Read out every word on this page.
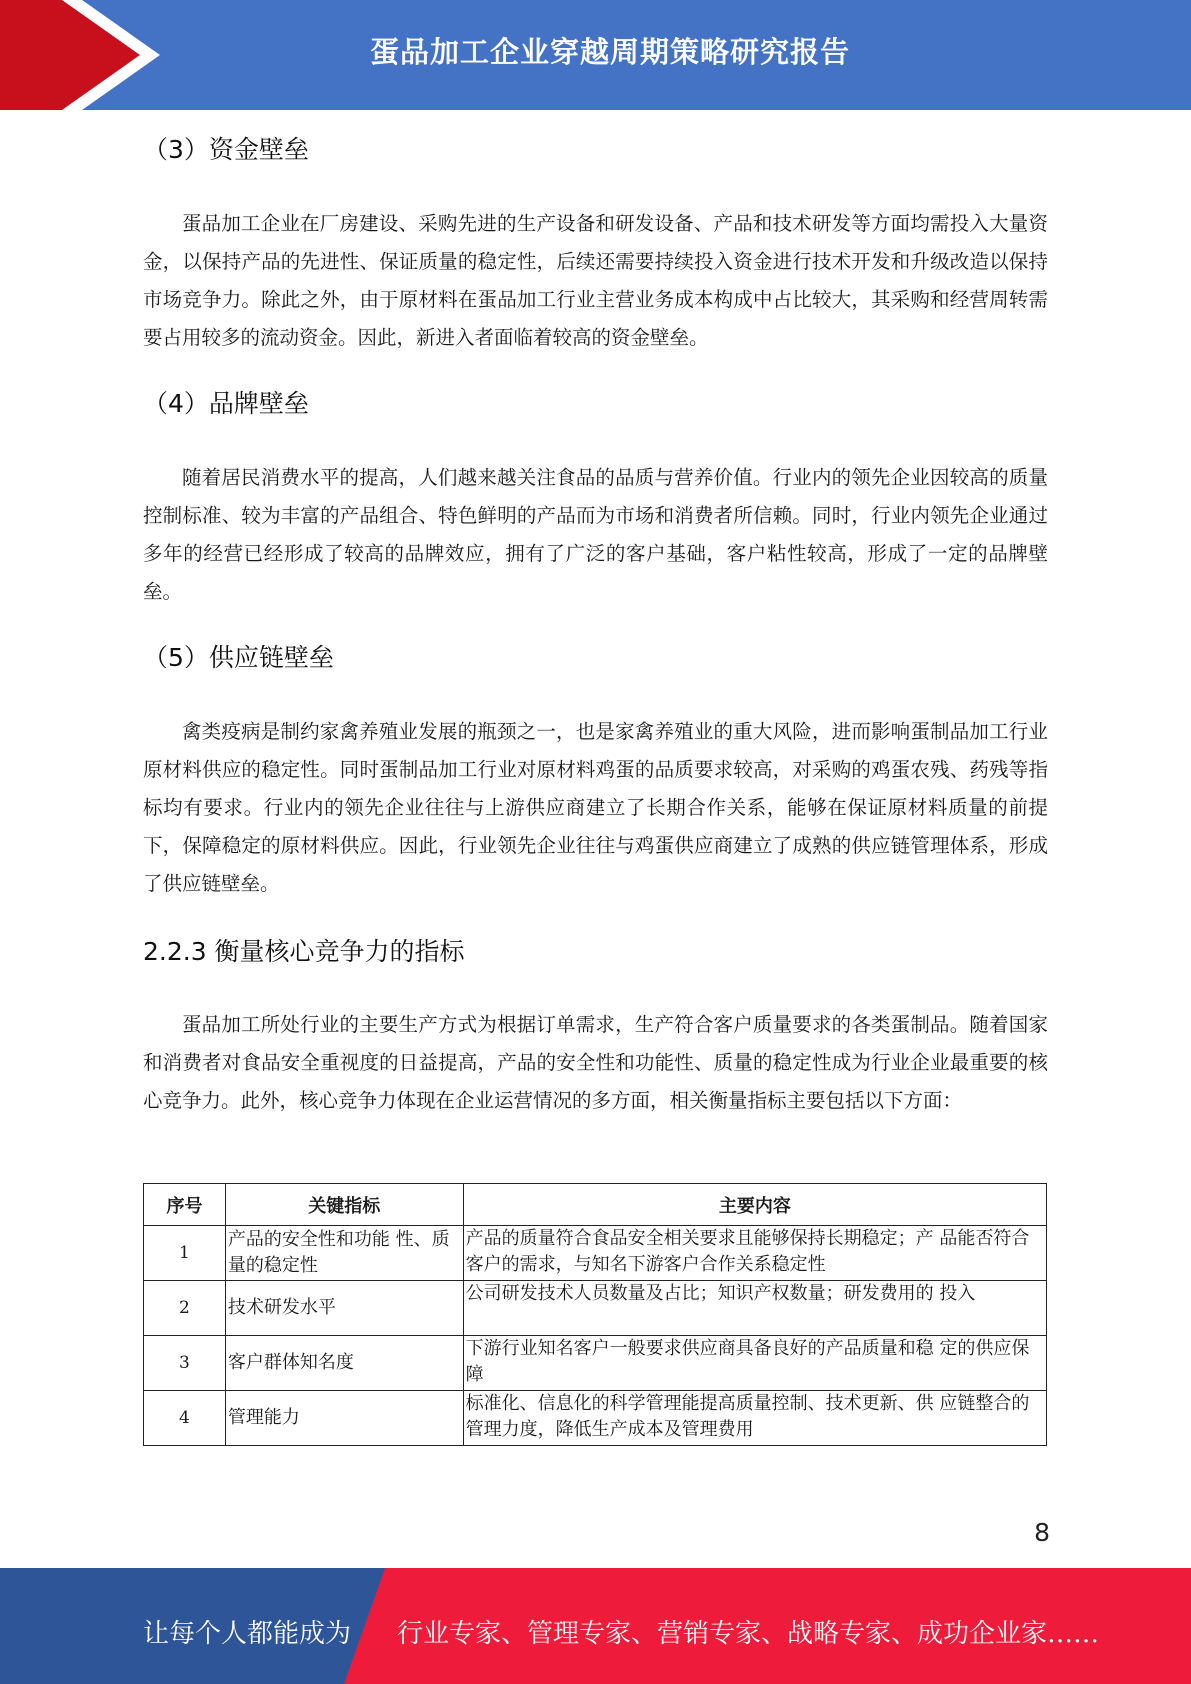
蛋品加工企业穿越周期策略研究报告
（3）资金壁垒
蛋品加工企业在厂房建设、采购先进的生产设备和研发设备、产品和技术研发等方面均需投入大量资金，以保持产品的先进性、保证质量的稳定性，后续还需要持续投入资金进行技术开发和升级改造以保持市场竞争力。除此之外，由于原材料在蛋品加工行业主营业务成本构成中占比较大，其采购和经营周转需要占用较多的流动资金。因此，新进入者面临着较高的资金壁垒。
（4）品牌壁垒
随着居民消费水平的提高，人们越来越关注食品的品质与营养价值。行业内的领先企业因较高的质量控制标准、较为丰富的产品组合、特色鲜明的产品而为市场和消费者所信赖。同时，行业内领先企业通过多年的经营已经形成了较高的品牌效应，拥有了广泛的客户基础，客户粘性较高，形成了一定的品牌壁垒。
（5）供应链壁垒
禽类疫病是制约家禽养殖业发展的瓶颈之一，也是家禽养殖业的重大风险，进而影响蛋制品加工行业原材料供应的稳定性。同时蛋制品加工行业对原材料鸡蛋的品质要求较高，对采购的鸡蛋农残、药残等指标均有要求。行业内的领先企业往往与上游供应商建立了长期合作关系，能够在保证原材料质量的前提下，保障稳定的原材料供应。因此，行业领先企业往往与鸡蛋供应商建立了成熟的供应链管理体系，形成了供应链壁垒。
2.2.3 衡量核心竞争力的指标
蛋品加工所处行业的主要生产方式为根据订单需求，生产符合客户质量要求的各类蛋制品。随着国家和消费者对食品安全重视度的日益提高，产品的安全性和功能性、质量的稳定性成为行业企业最重要的核心竞争力。此外，核心竞争力体现在企业运营情况的多方面，相关衡量指标主要包括以下方面：
序号	关键指标	主要内容
1	产品的安全性和功能 性、质量的稳定性	产品的质量符合食品安全相关要求且能够保持长期稳定；产 品能否符合客户的需求，与知名下游客户合作关系稳定性
2	技术研发水平	公司研发技术人员数量及占比；知识产权数量；研发费用的 投入
3	客户群体知名度	下游行业知名客户一般要求供应商具备良好的产品质量和稳 定的供应保障
4	管理能力	标准化、信息化的科学管理能提高质量控制、技术更新、供 应链整合的管理力度，降低生产成本及管理费用
8
让每个人都能成为 行业专家、管理专家、营销专家、战略专家、成功企业家……
